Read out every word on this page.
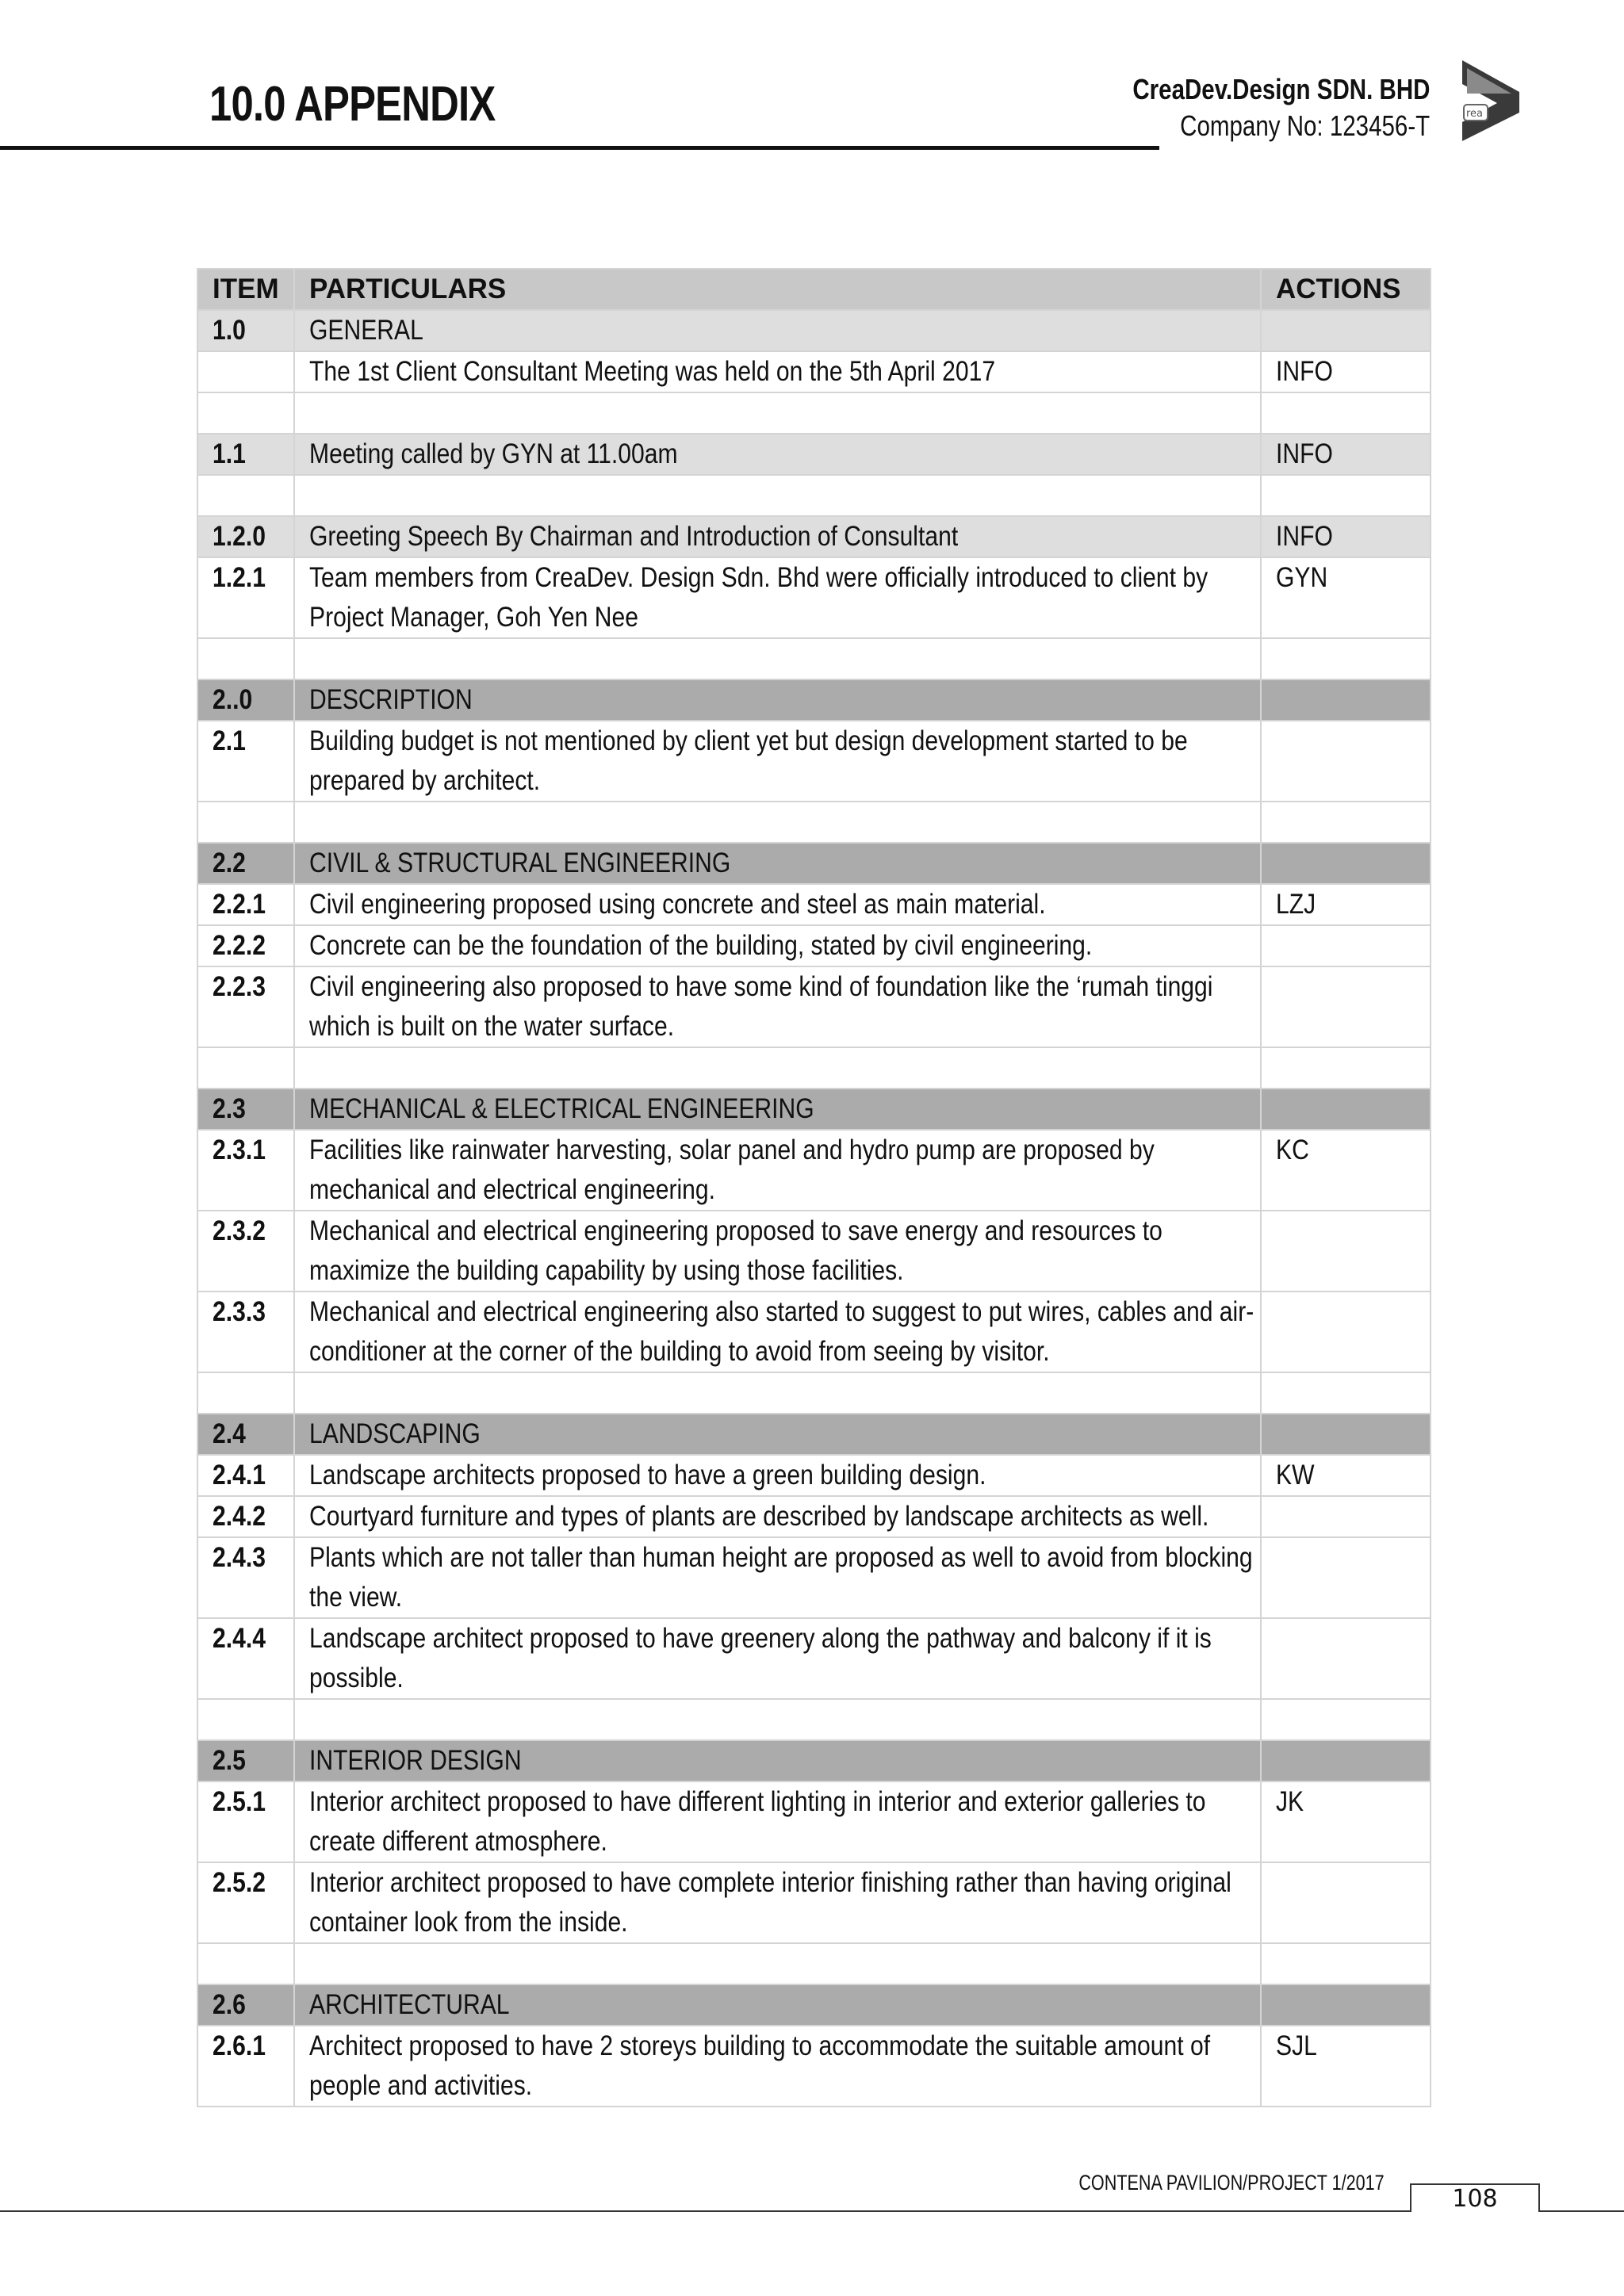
10.0 APPENDIX	CreaDev.Design SDN. BHD
Company No: 123456-T	rea
ITEM	PARTICULARS	ACTIONS
1.0	GENERAL	
	The 1st Client Consultant Meeting was held on the 5th April 2017	INFO

1.1	Meeting called by GYN at 11.00am	INFO

1.2.0	Greeting Speech By Chairman and Introduction of Consultant	INFO
1.2.1	Team members from CreaDev. Design Sdn. Bhd were officially introduced to client by Project Manager, Goh Yen Nee	GYN

2..0	DESCRIPTION	
2.1	Building budget is not mentioned by client yet but design development started to be prepared by architect.	

2.2	CIVIL & STRUCTURAL ENGINEERING	
2.2.1	Civil engineering proposed using concrete and steel as main material.	LZJ
2.2.2	Concrete can be the foundation of the building, stated by civil engineering.	
2.2.3	Civil engineering also proposed to have some kind of foundation like the ‘rumah tinggi which is built on the water surface.	

2.3	MECHANICAL & ELECTRICAL ENGINEERING	
2.3.1	Facilities like rainwater harvesting, solar panel and hydro pump are proposed by mechanical and electrical engineering.	KC
2.3.2	Mechanical and electrical engineering proposed to save energy and resources to maximize the building capability by using those facilities.	
2.3.3	Mechanical and electrical engineering also started to suggest to put wires, cables and air-conditioner at the corner of the building to avoid from seeing by visitor.	

2.4	LANDSCAPING	
2.4.1	Landscape architects proposed to have a green building design.	KW
2.4.2	Courtyard furniture and types of plants are described by landscape architects as well.	
2.4.3	Plants which are not taller than human height are proposed as well to avoid from blocking the view.	
2.4.4	Landscape architect proposed to have greenery along the pathway and balcony if it is possible.	

2.5	INTERIOR DESIGN	
2.5.1	Interior architect proposed to have different lighting in interior and exterior galleries to create different atmosphere.	JK
2.5.2	Interior architect proposed to have complete interior finishing rather than having original container look from the inside.	

2.6	ARCHITECTURAL	
2.6.1	Architect proposed to have 2 storeys building to accommodate the suitable amount of people and activities.	SJL
CONTENA PAVILION/PROJECT 1/2017
108
